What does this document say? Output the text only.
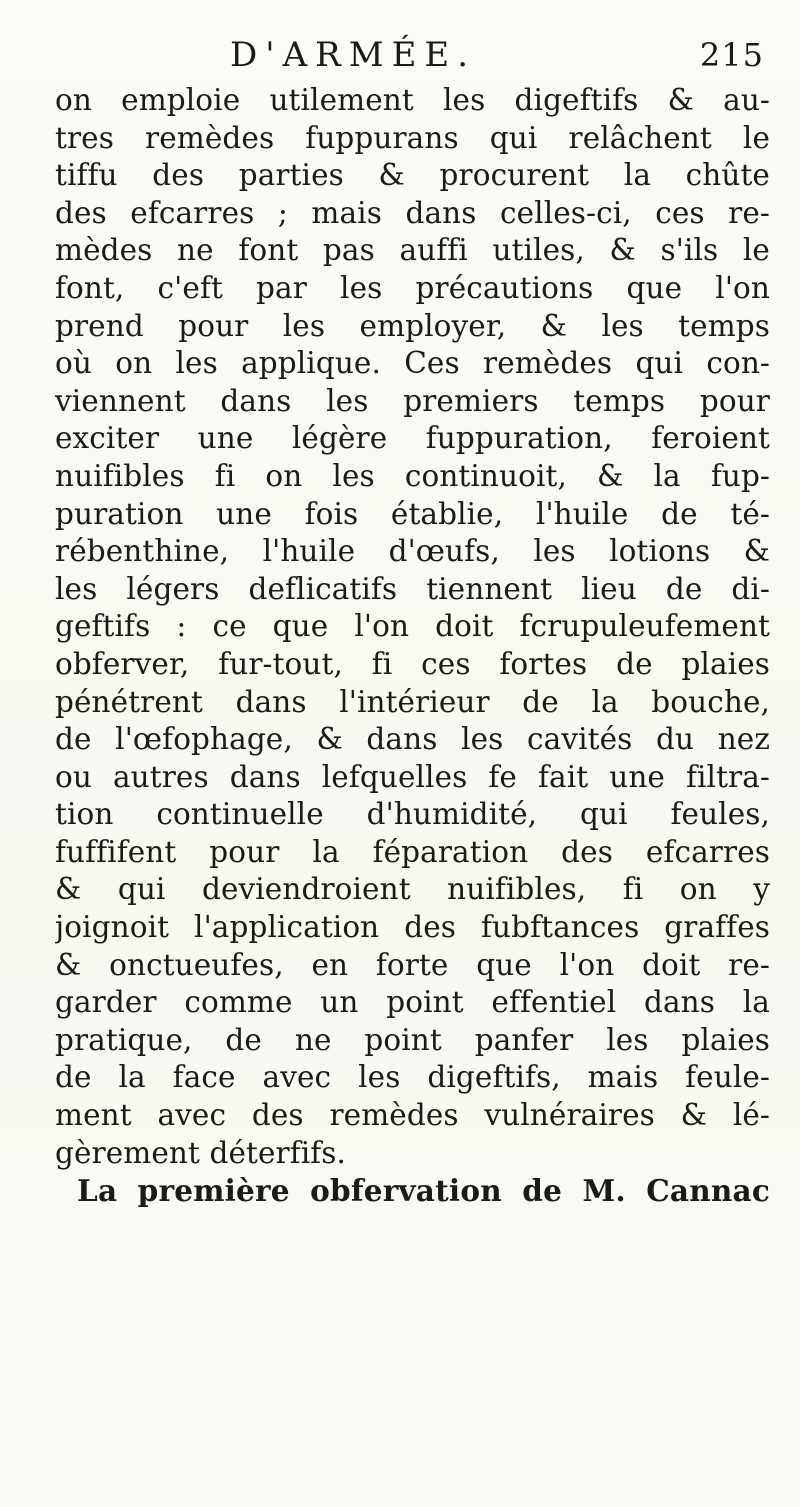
D'ARMÉE.	215
on emploie utilement les digeftifs & au-
tres remèdes fuppurans qui relâchent le
tiffu des parties & procurent la chûte
des efcarres ; mais dans celles-ci, ces re-
mèdes ne font pas auffi utiles, & s'ils le
font, c'eft par les précautions que l'on
prend pour les employer, & les temps
où on les applique. Ces remèdes qui con-
viennent dans les premiers temps pour
exciter une légère fuppuration, feroient
nuifibles fi on les continuoit, & la fup-
puration une fois établie, l'huile de té-
rébenthine, l'huile d'œufs, les lotions &
les légers deflicatifs tiennent lieu de di-
geftifs : ce que l'on doit fcrupuleufement
obferver, fur-tout, fi ces fortes de plaies
pénétrent dans l'intérieur de la bouche,
de l'œfophage, & dans les cavités du nez
ou autres dans lefquelles fe fait une filtra-
tion continuelle d'humidité, qui feules,
fuffifent pour la féparation des efcarres
& qui deviendroient nuifibles, fi on y
joignoit l'application des fubftances graffes
& onctueufes, en forte que l'on doit re-
garder comme un point effentiel dans la
pratique, de ne point panfer les plaies
de la face avec les digeftifs, mais feule-
ment avec des remèdes vulnéraires & lé-
gèrement déterfifs.
La première obfervation de M. Cannac
